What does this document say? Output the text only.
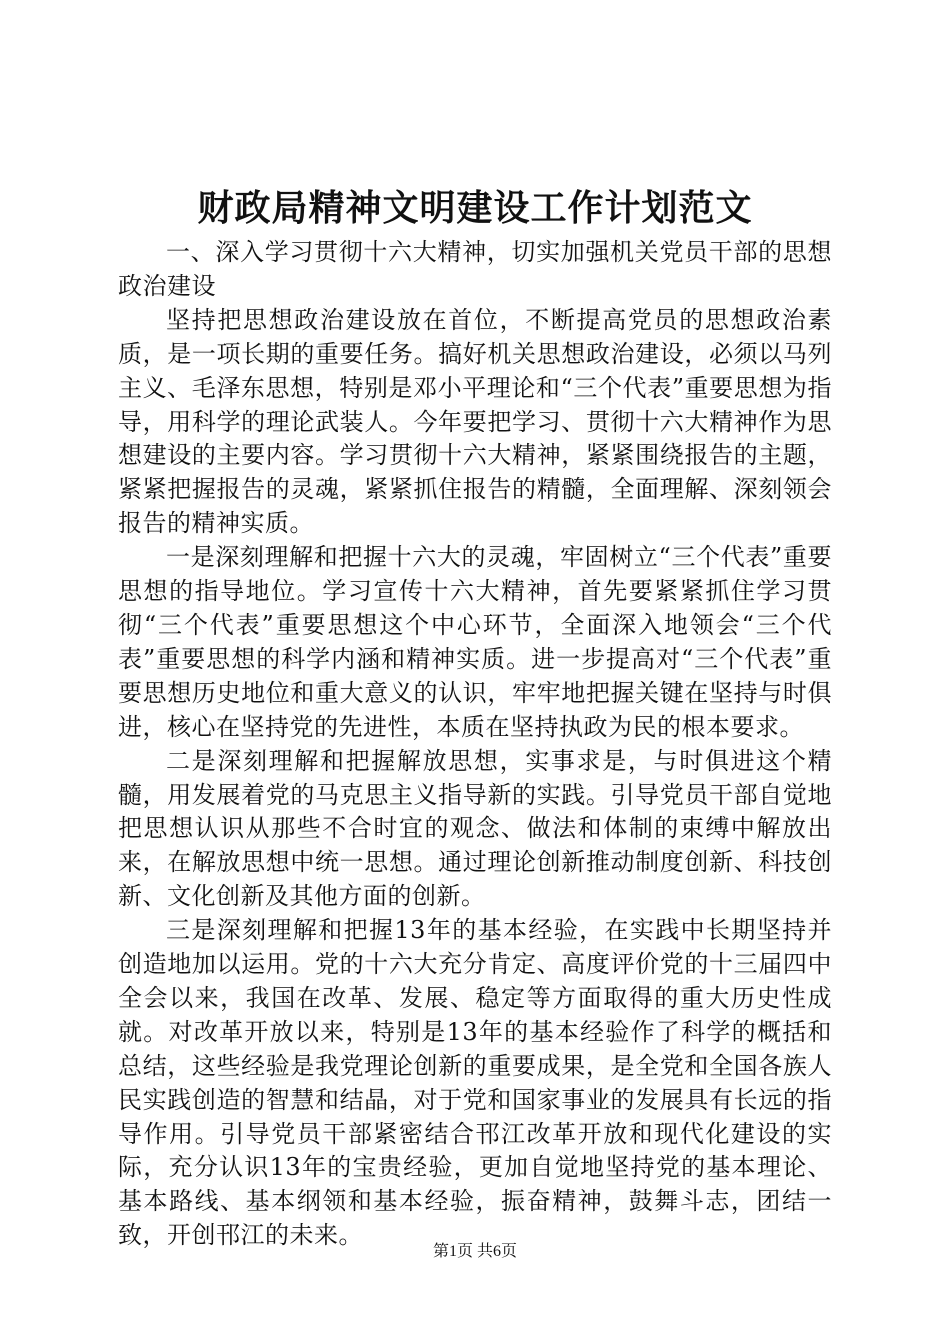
财政局精神文明建设工作计划范文

一、深入学习贯彻十六大精神，切实加强机关党员干部的思想政治建设

坚持把思想政治建设放在首位，不断提高党员的思想政治素质，是一项长期的重要任务。搞好机关思想政治建设，必须以马列主义、毛泽东思想，特别是邓小平理论和“三个代表”重要思想为指导，用科学的理论武装人。今年要把学习、贯彻十六大精神作为思想建设的主要内容。学习贯彻十六大精神，紧紧围绕报告的主题，紧紧把握报告的灵魂，紧紧抓住报告的精髓，全面理解、深刻领会报告的精神实质。

一是深刻理解和把握十六大的灵魂，牢固树立“三个代表”重要思想的指导地位。学习宣传十六大精神，首先要紧紧抓住学习贯彻“三个代表”重要思想这个中心环节，全面深入地领会“三个代表”重要思想的科学内涵和精神实质。进一步提高对“三个代表”重要思想历史地位和重大意义的认识，牢牢地把握关键在坚持与时俱进，核心在坚持党的先进性，本质在坚持执政为民的根本要求。

二是深刻理解和把握解放思想，实事求是，与时俱进这个精髓，用发展着党的马克思主义指导新的实践。引导党员干部自觉地把思想认识从那些不合时宜的观念、做法和体制的束缚中解放出来，在解放思想中统一思想。通过理论创新推动制度创新、科技创新、文化创新及其他方面的创新。

三是深刻理解和把握13年的基本经验，在实践中长期坚持并创造地加以运用。党的十六大充分肯定、高度评价党的十三届四中全会以来，我国在改革、发展、稳定等方面取得的重大历史性成就。对改革开放以来，特别是13年的基本经验作了科学的概括和总结，这些经验是我党理论创新的重要成果，是全党和全国各族人民实践创造的智慧和结晶，对于党和国家事业的发展具有长远的指导作用。引导党员干部紧密结合邗江改革开放和现代化建设的实际，充分认识13年的宝贵经验，更加自觉地坚持党的基本理论、基本路线、基本纲领和基本经验，振奋精神，鼓舞斗志，团结一致，开创邗江的未来。

第1页 共6页
